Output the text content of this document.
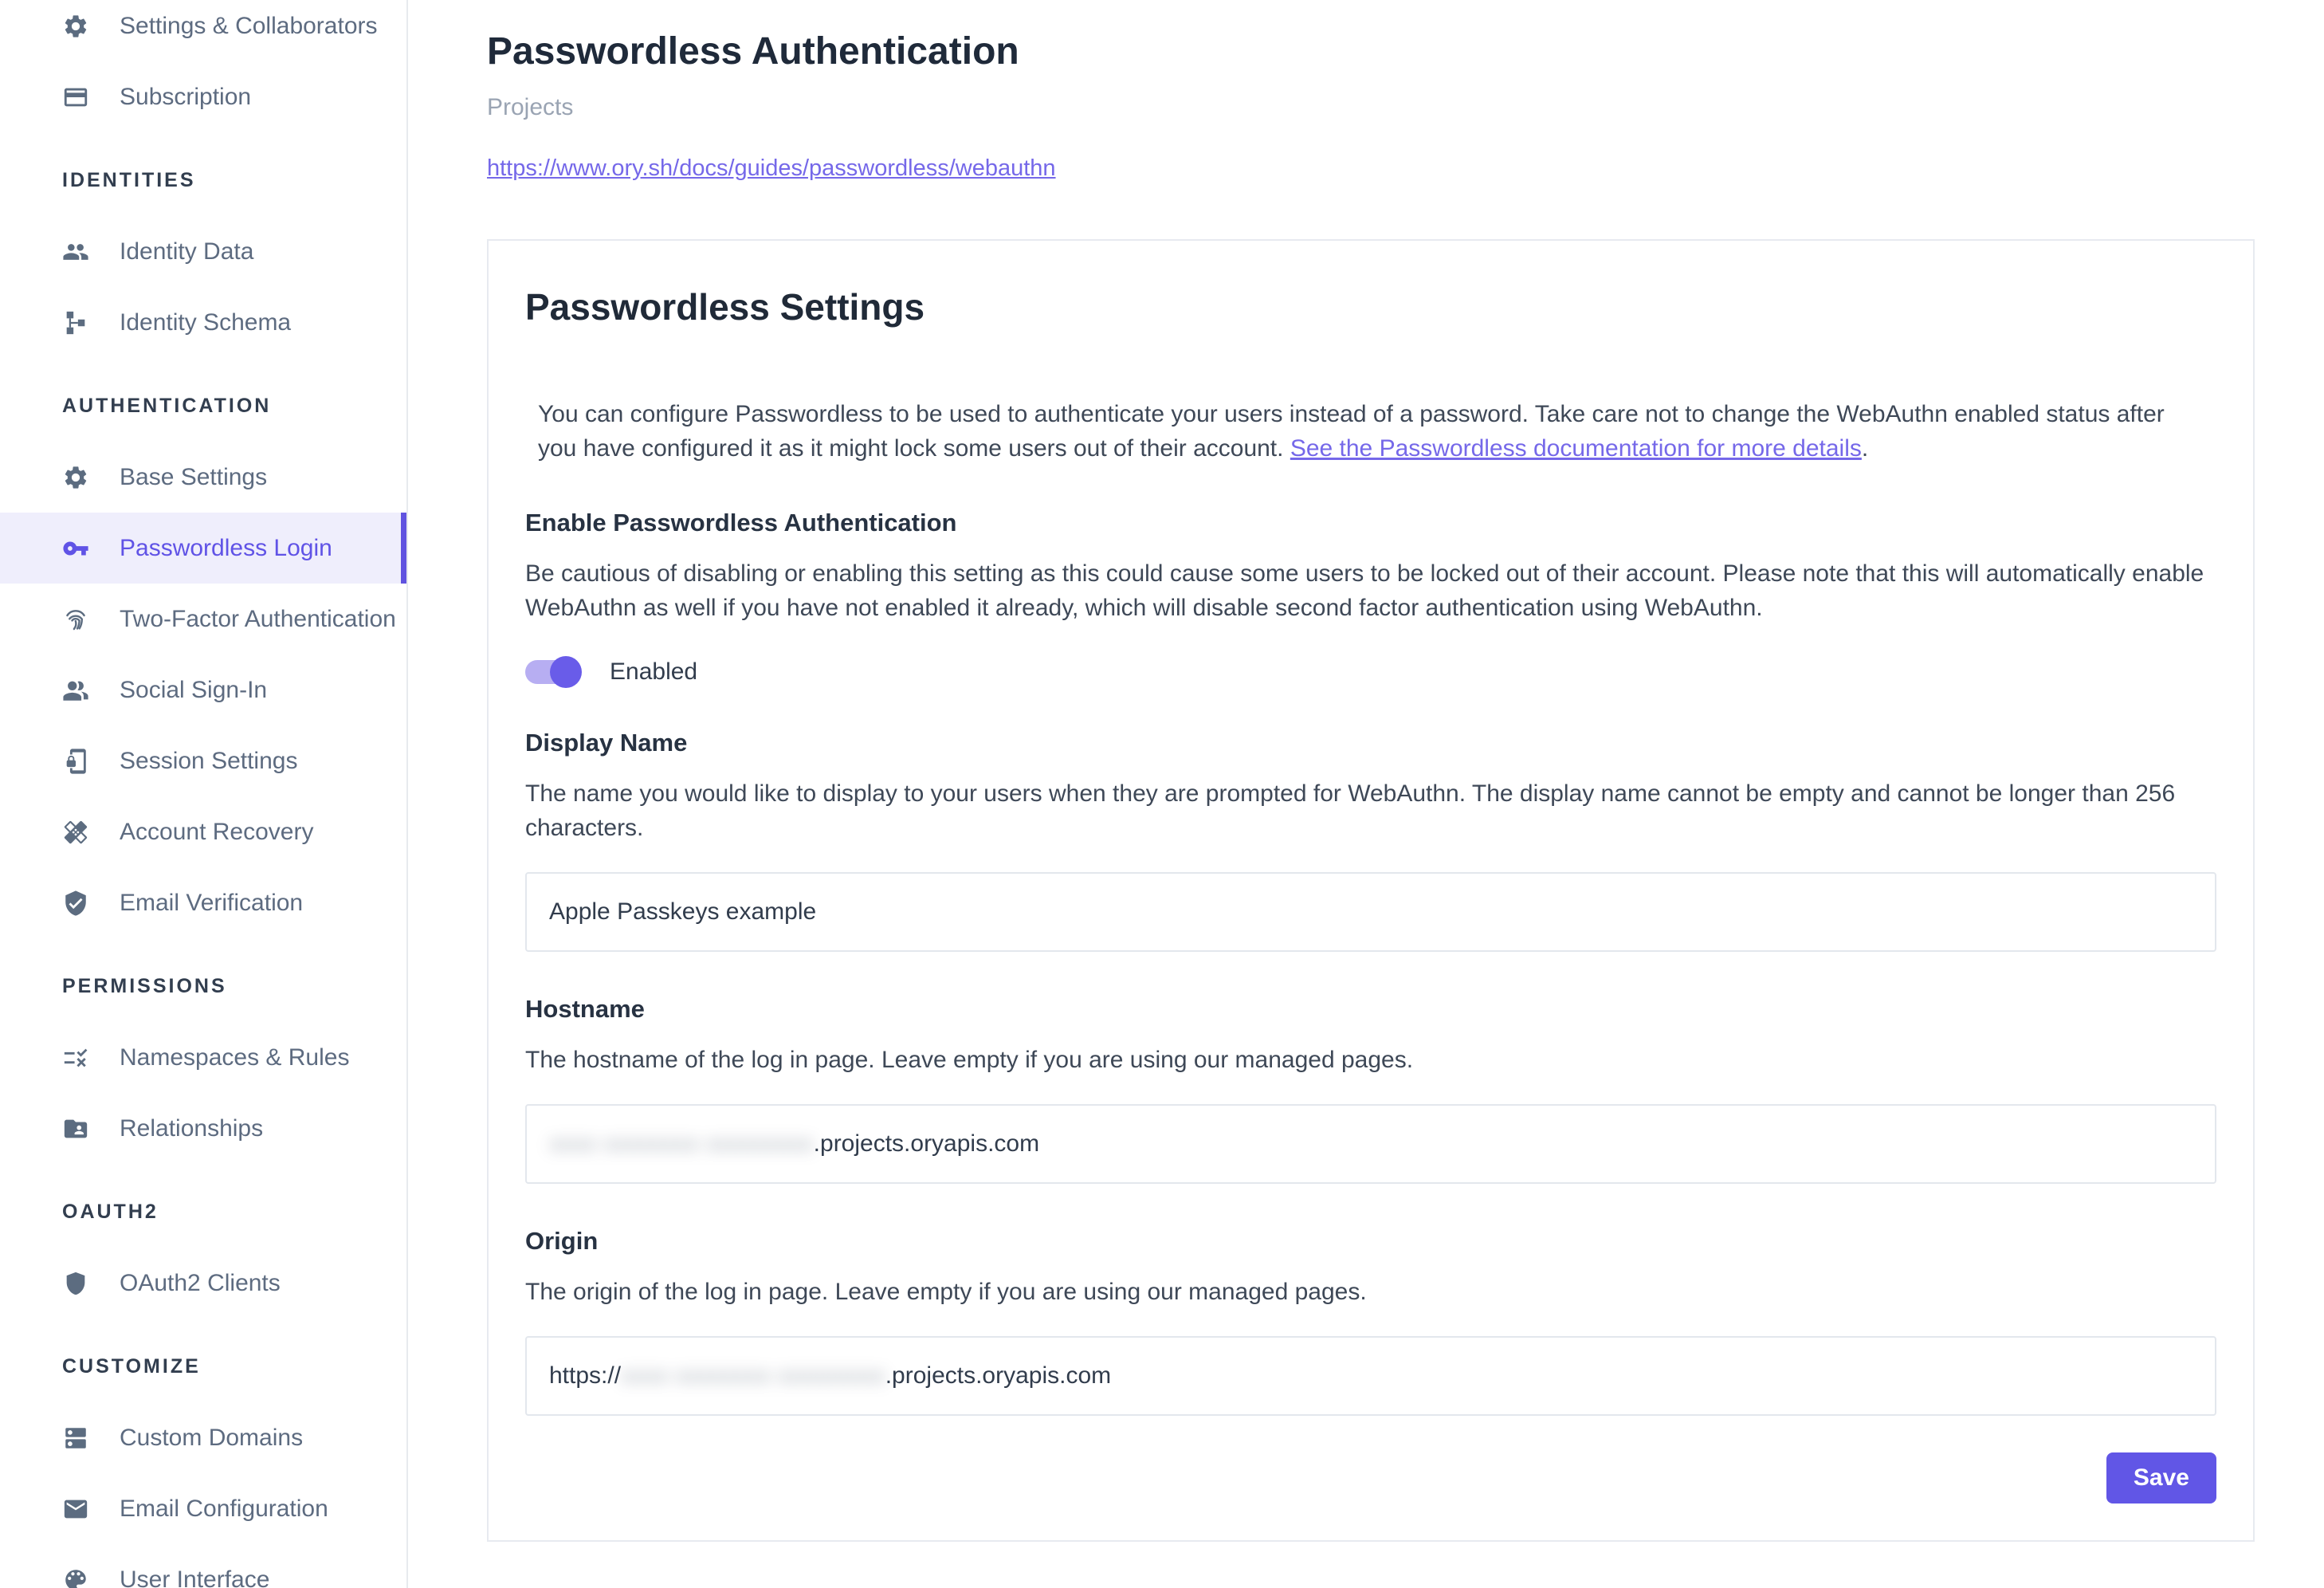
Settings & Collaborators
Subscription
IDENTITIES
Identity Data
Identity Schema
AUTHENTICATION
Base Settings
Passwordless Login
Two-Factor Authentication
Social Sign-In
Session Settings
Account Recovery
Email Verification
PERMISSIONS
Namespaces & Rules
Relationships
OAUTH2
OAuth2 Clients
CUSTOMIZE
Custom Domains
Email Configuration
User Interface
Passwordless Authentication
Projects
https://www.ory.sh/docs/guides/passwordless/webauthn
Passwordless Settings
You can configure Passwordless to be used to authenticate your users instead of a password. Take care not to change the WebAuthn enabled status after you have configured it as it might lock some users out of their account. See the Passwordless documentation for more details.
Enable Passwordless Authentication
Be cautious of disabling or enabling this setting as this could cause some users to be locked out of their account. Please note that this will automatically enable WebAuthn as well if you have not enabled it already, which will disable second factor authentication using WebAuthn.
Enabled
Display Name
The name you would like to display to your users when they are prompted for WebAuthn. The display name cannot be empty and cannot be longer than 256 characters.
Apple Passkeys example
Hostname
The hostname of the log in page. Leave empty if you are using our managed pages.
xxxx xxxxxxxx xxxxxxxxx .projects.oryapis.com
Origin
The origin of the log in page. Leave empty if you are using our managed pages.
https:// xxxx xxxxxxxx xxxxxxxxx .projects.oryapis.com
Save
